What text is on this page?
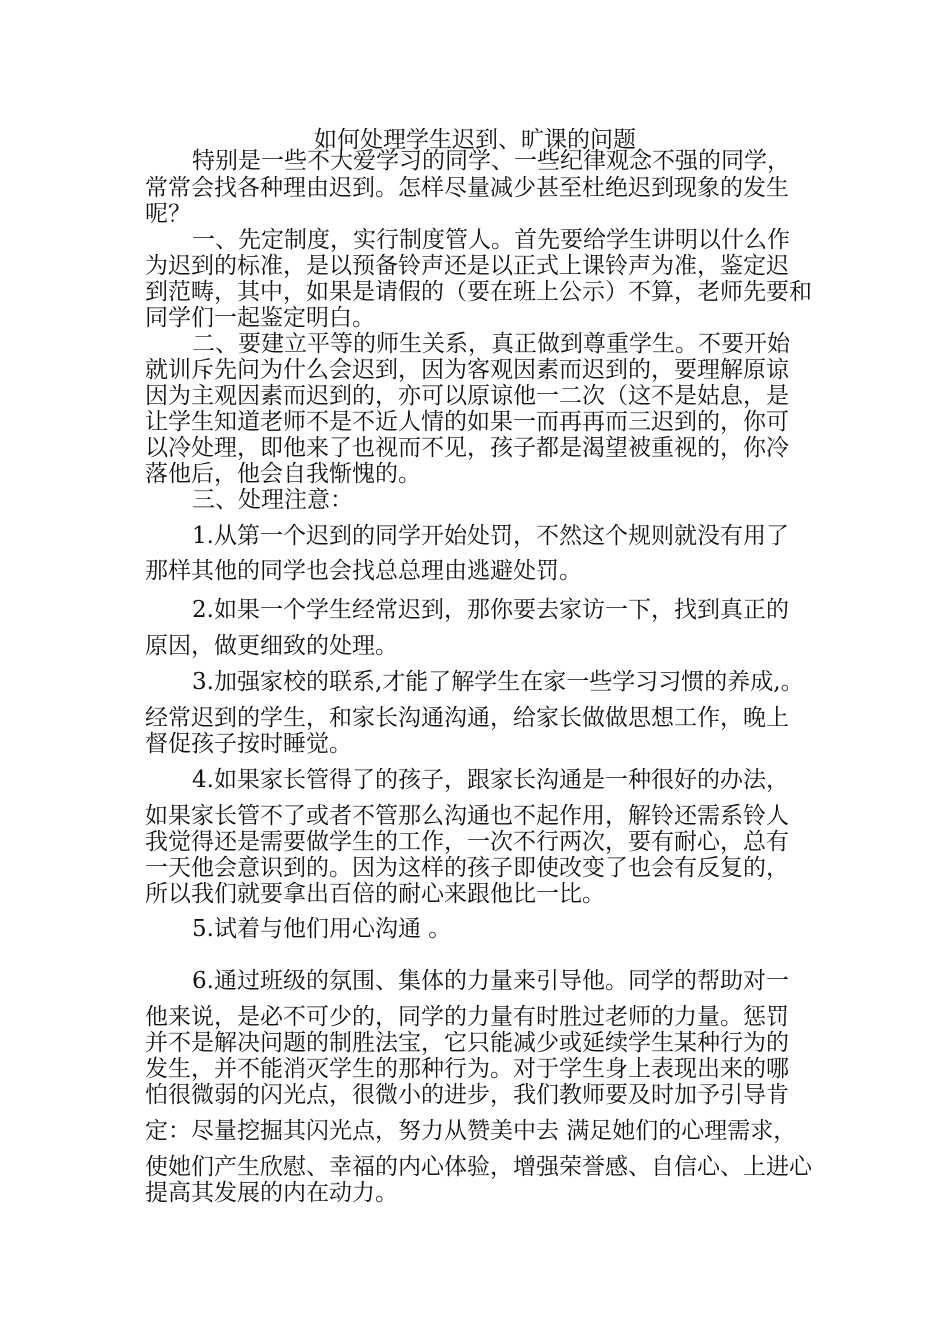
如何处理学生迟到、旷课的问题
特别是一些不大爱学习的同学、一些纪律观念不强的同学，
常常会找各种理由迟到。怎样尽量减少甚至杜绝迟到现象的发生
呢？
一、先定制度，实行制度管人。首先要给学生讲明以什么作
为迟到的标准，是以预备铃声还是以正式上课铃声为准，鉴定迟
到范畴，其中，如果是请假的（要在班上公示）不算，老师先要和
同学们一起鉴定明白。
二、要建立平等的师生关系，真正做到尊重学生。不要开始
就训斥先问为什么会迟到，因为客观因素而迟到的，要理解原谅
因为主观因素而迟到的，亦可以原谅他一二次（这不是姑息，是
让学生知道老师不是不近人情的如果一而再再而三迟到的，你可
以冷处理，即他来了也视而不见，孩子都是渴望被重视的，你冷
落他后，他会自我惭愧的。
三、处理注意：
1.从第一个迟到的同学开始处罚，不然这个规则就没有用了
那样其他的同学也会找总总理由逃避处罚。
2.如果一个学生经常迟到，那你要去家访一下，找到真正的
原因，做更细致的处理。
3.加强家校的联系,才能了解学生在家一些学习习惯的养成,。
经常迟到的学生，和家长沟通沟通，给家长做做思想工作，晚上
督促孩子按时睡觉。
4.如果家长管得了的孩子，跟家长沟通是一种很好的办法，
如果家长管不了或者不管那么沟通也不起作用，解铃还需系铃人
我觉得还是需要做学生的工作，一次不行两次，要有耐心，总有
一天他会意识到的。因为这样的孩子即使改变了也会有反复的，
所以我们就要拿出百倍的耐心来跟他比一比。
5.试着与他们用心沟通 。
6.通过班级的氛围、集体的力量来引导他。同学的帮助对一
他来说，是必不可少的，同学的力量有时胜过老师的力量。惩罚
并不是解决问题的制胜法宝，它只能减少或延续学生某种行为的
发生，并不能消灭学生的那种行为。对于学生身上表现出来的哪
怕很微弱的闪光点，很微小的进步，我们教师要及时加予引导肯
定：尽量挖掘其闪光点，努力从赞美中去 满足她们的心理需求，
使她们产生欣慰、幸福的内心体验，增强荣誉感、自信心、上进心
提高其发展的内在动力。
